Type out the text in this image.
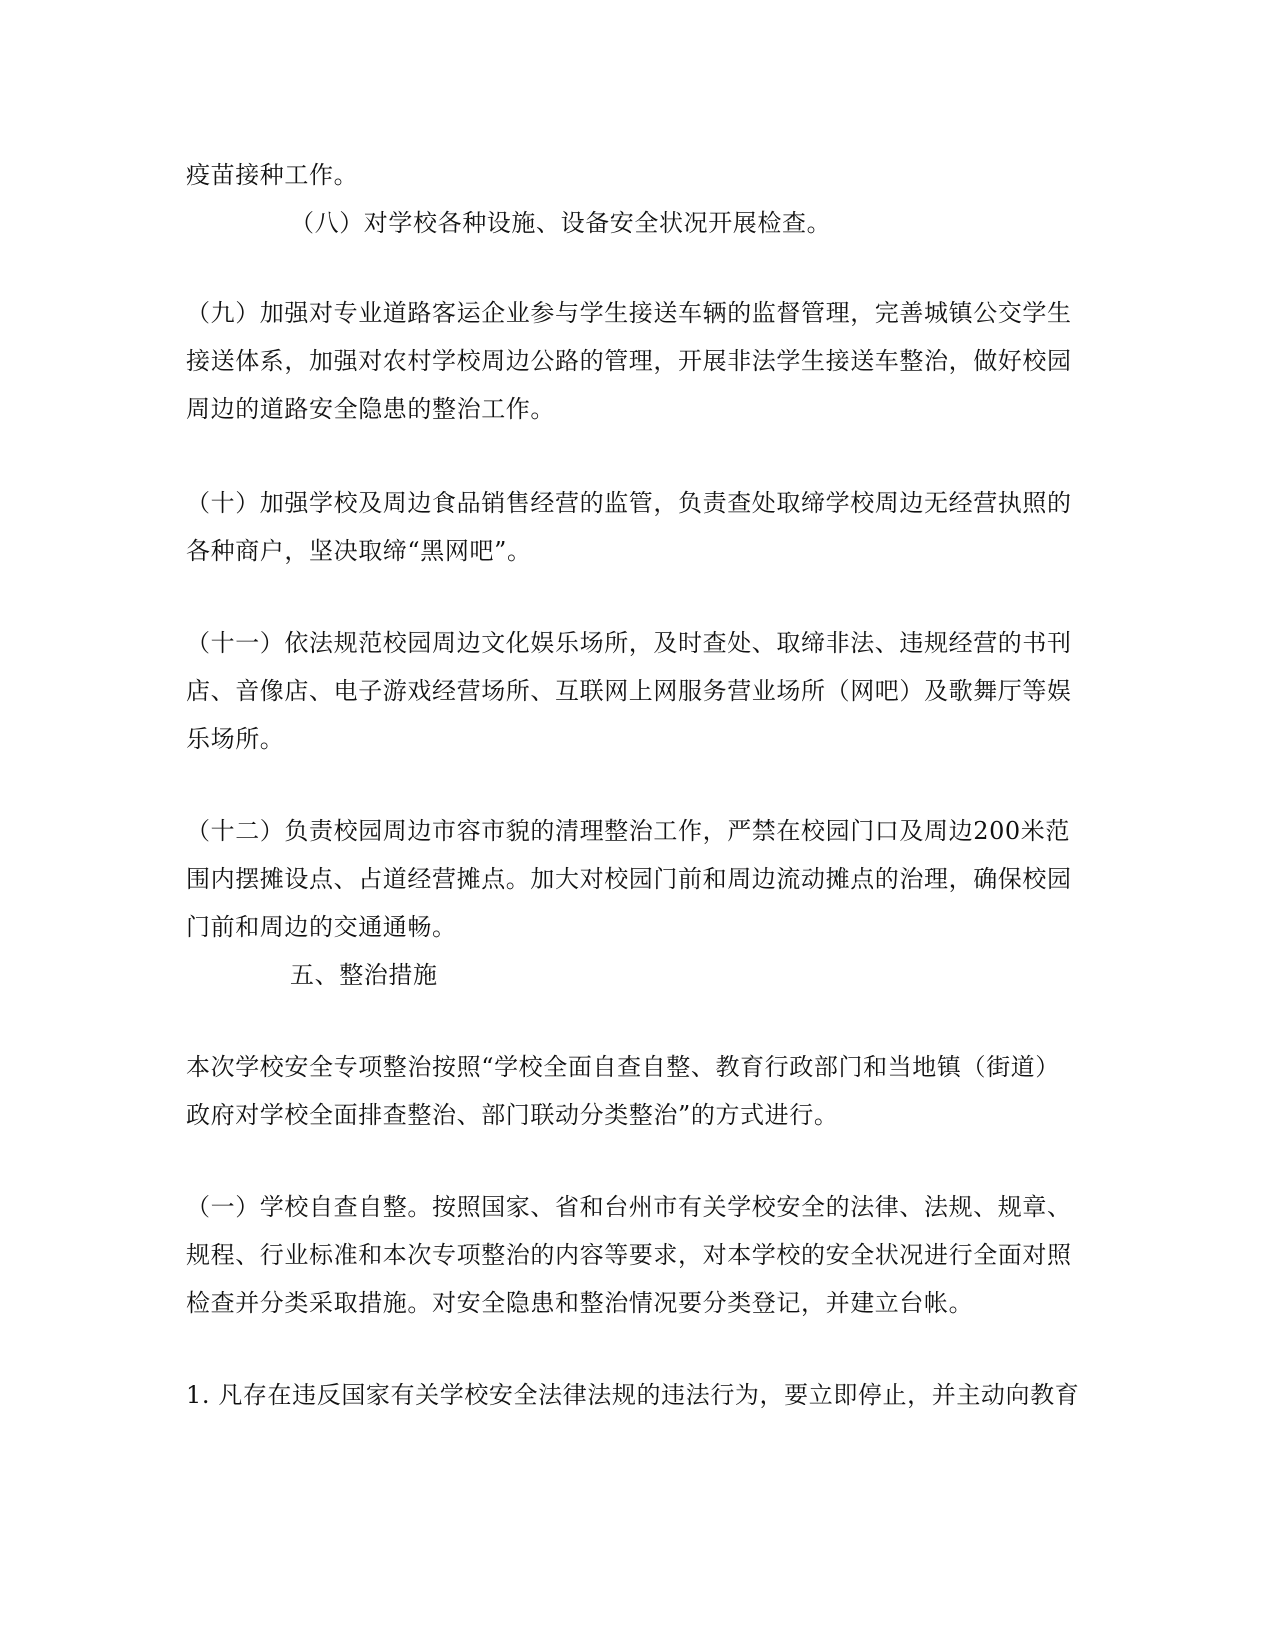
疫苗接种工作。
（八）对学校各种设施、设备安全状况开展检查。
（九）加强对专业道路客运企业参与学生接送车辆的监督管理，完善城镇公交学生
接送体系，加强对农村学校周边公路的管理，开展非法学生接送车整治，做好校园
周边的道路安全隐患的整治工作。
（十）加强学校及周边食品销售经营的监管，负责查处取缔学校周边无经营执照的
各种商户，坚决取缔“黑网吧”。
（十一）依法规范校园周边文化娱乐场所，及时查处、取缔非法、违规经营的书刊
店、音像店、电子游戏经营场所、互联网上网服务营业场所（网吧）及歌舞厅等娱
乐场所。
（十二）负责校园周边市容市貌的清理整治工作，严禁在校园门口及周边200米范
围内摆摊设点、占道经营摊点。加大对校园门前和周边流动摊点的治理，确保校园
门前和周边的交通通畅。
五、整治措施
本次学校安全专项整治按照“学校全面自查自整、教育行政部门和当地镇（街道）
政府对学校全面排查整治、部门联动分类整治”的方式进行。
（一）学校自查自整。按照国家、省和台州市有关学校安全的法律、法规、规章、
规程、行业标准和本次专项整治的内容等要求，对本学校的安全状况进行全面对照
检查并分类采取措施。对安全隐患和整治情况要分类登记，并建立台帐。
1. 凡存在违反国家有关学校安全法律法规的违法行为，要立即停止，并主动向教育
